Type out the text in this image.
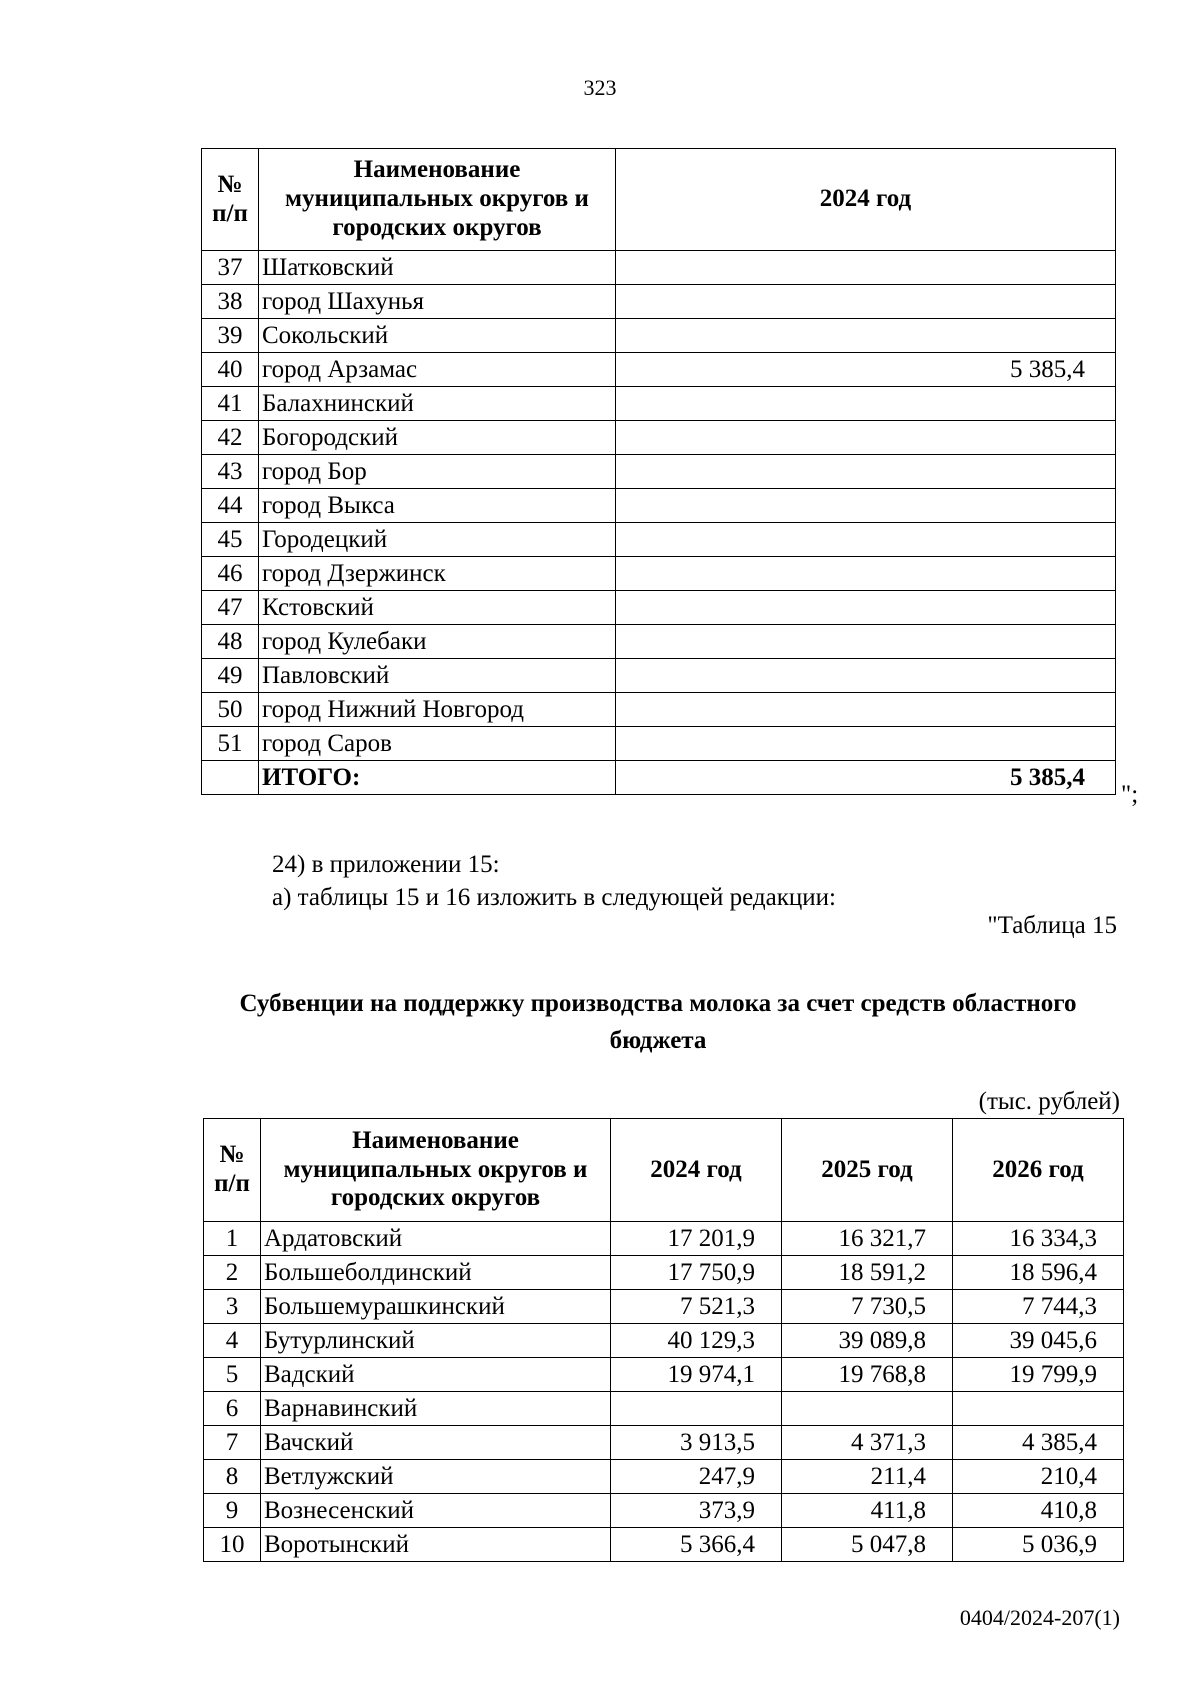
323
№ п/п	Наименование муниципальных округов и городских округов	2024 год
37	Шатковский	
38	город Шахунья	
39	Сокольский	
40	город Арзамас	5 385,4
41	Балахнинский	
42	Богородский	
43	город Бор	
44	город Выкса	
45	Городецкий	
46	город Дзержинск	
47	Кстовский	
48	город Кулебаки	
49	Павловский	
50	город Нижний Новгород	
51	город Саров	
	ИТОГО:	5 385,4
";
24) в приложении 15:
а) таблицы 15 и 16 изложить в следующей редакции:
"Таблица 15
Субвенции на поддержку производства молока за счет средств областного бюджета
(тыс. рублей)
№ п/п	Наименование муниципальных округов и городских округов	2024 год	2025 год	2026 год
1	Ардатовский	17 201,9	16 321,7	16 334,3
2	Большеболдинский	17 750,9	18 591,2	18 596,4
3	Большемурашкинский	7 521,3	7 730,5	7 744,3
4	Бутурлинский	40 129,3	39 089,8	39 045,6
5	Вадский	19 974,1	19 768,8	19 799,9
6	Варнавинский			
7	Вачский	3 913,5	4 371,3	4 385,4
8	Ветлужский	247,9	211,4	210,4
9	Вознесенский	373,9	411,8	410,8
10	Воротынский	5 366,4	5 047,8	5 036,9
0404/2024-207(1)
